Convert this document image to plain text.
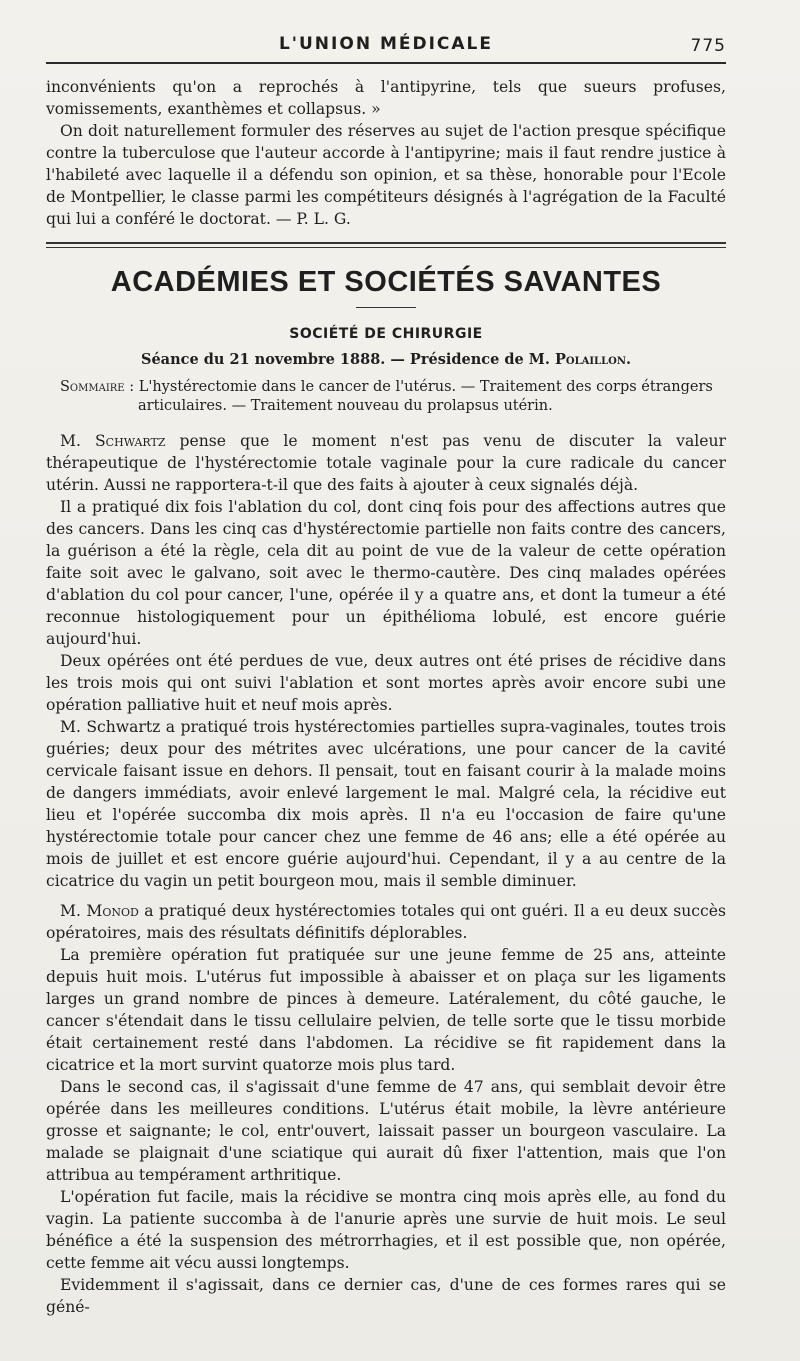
L'UNION MÉDICALE	775

inconvénients qu'on a reprochés à l'antipyrine, tels que sueurs profuses, vomissements, exanthèmes et collapsus. »

On doit naturellement formuler des réserves au sujet de l'action presque spécifique contre la tuberculose que l'auteur accorde à l'antipyrine; mais il faut rendre justice à l'habileté avec laquelle il a défendu son opinion, et sa thèse, honorable pour l'Ecole de Montpellier, le classe parmi les compétiteurs désignés à l'agrégation de la Faculté qui lui a conféré le doctorat. — P. L. G.

ACADÉMIES ET SOCIÉTÉS SAVANTES
SOCIÉTÉ DE CHIRURGIE
Séance du 21 novembre 1888. — Présidence de M. Polaillon.
Sommaire : L'hystérectomie dans le cancer de l'utérus. — Traitement des corps étrangers
articulaires. — Traitement nouveau du prolapsus utérin.

M. Schwartz pense que le moment n'est pas venu de discuter la valeur thérapeutique de l'hystérectomie totale vaginale pour la cure radicale du cancer utérin. Aussi ne rapportera-t-il que des faits à ajouter à ceux signalés déjà.

Il a pratiqué dix fois l'ablation du col, dont cinq fois pour des affections autres que des cancers. Dans les cinq cas d'hystérectomie partielle non faits contre des cancers, la guérison a été la règle, cela dit au point de vue de la valeur de cette opération faite soit avec le galvano, soit avec le thermo-cautère. Des cinq malades opérées d'ablation du col pour cancer, l'une, opérée il y a quatre ans, et dont la tumeur a été reconnue histologiquement pour un épithélioma lobulé, est encore guérie aujourd'hui.

Deux opérées ont été perdues de vue, deux autres ont été prises de récidive dans les trois mois qui ont suivi l'ablation et sont mortes après avoir encore subi une opération palliative huit et neuf mois après.

M. Schwartz a pratiqué trois hystérectomies partielles supra-vaginales, toutes trois guéries; deux pour des métrites avec ulcérations, une pour cancer de la cavité cervicale faisant issue en dehors. Il pensait, tout en faisant courir à la malade moins de dangers immédiats, avoir enlevé largement le mal. Malgré cela, la récidive eut lieu et l'opérée succomba dix mois après. Il n'a eu l'occasion de faire qu'une hystérectomie totale pour cancer chez une femme de 46 ans; elle a été opérée au mois de juillet et est encore guérie aujourd'hui. Cependant, il y a au centre de la cicatrice du vagin un petit bourgeon mou, mais il semble diminuer.

M. Monod a pratiqué deux hystérectomies totales qui ont guéri. Il a eu deux succès opératoires, mais des résultats définitifs déplorables.

La première opération fut pratiquée sur une jeune femme de 25 ans, atteinte depuis huit mois. L'utérus fut impossible à abaisser et on plaça sur les ligaments larges un grand nombre de pinces à demeure. Latéralement, du côté gauche, le cancer s'étendait dans le tissu cellulaire pelvien, de telle sorte que le tissu morbide était certainement resté dans l'abdomen. La récidive se fit rapidement dans la cicatrice et la mort survint quatorze mois plus tard.

Dans le second cas, il s'agissait d'une femme de 47 ans, qui semblait devoir être opérée dans les meilleures conditions. L'utérus était mobile, la lèvre antérieure grosse et saignante; le col, entr'ouvert, laissait passer un bourgeon vasculaire. La malade se plaignait d'une sciatique qui aurait dû fixer l'attention, mais que l'on attribua au tempérament arthritique.

L'opération fut facile, mais la récidive se montra cinq mois après elle, au fond du vagin. La patiente succomba à de l'anurie après une survie de huit mois. Le seul bénéfice a été la suspension des métrorrhagies, et il est possible que, non opérée, cette femme ait vécu aussi longtemps.

Evidemment il s'agissait, dans ce dernier cas, d'une de ces formes rares qui se géné-
